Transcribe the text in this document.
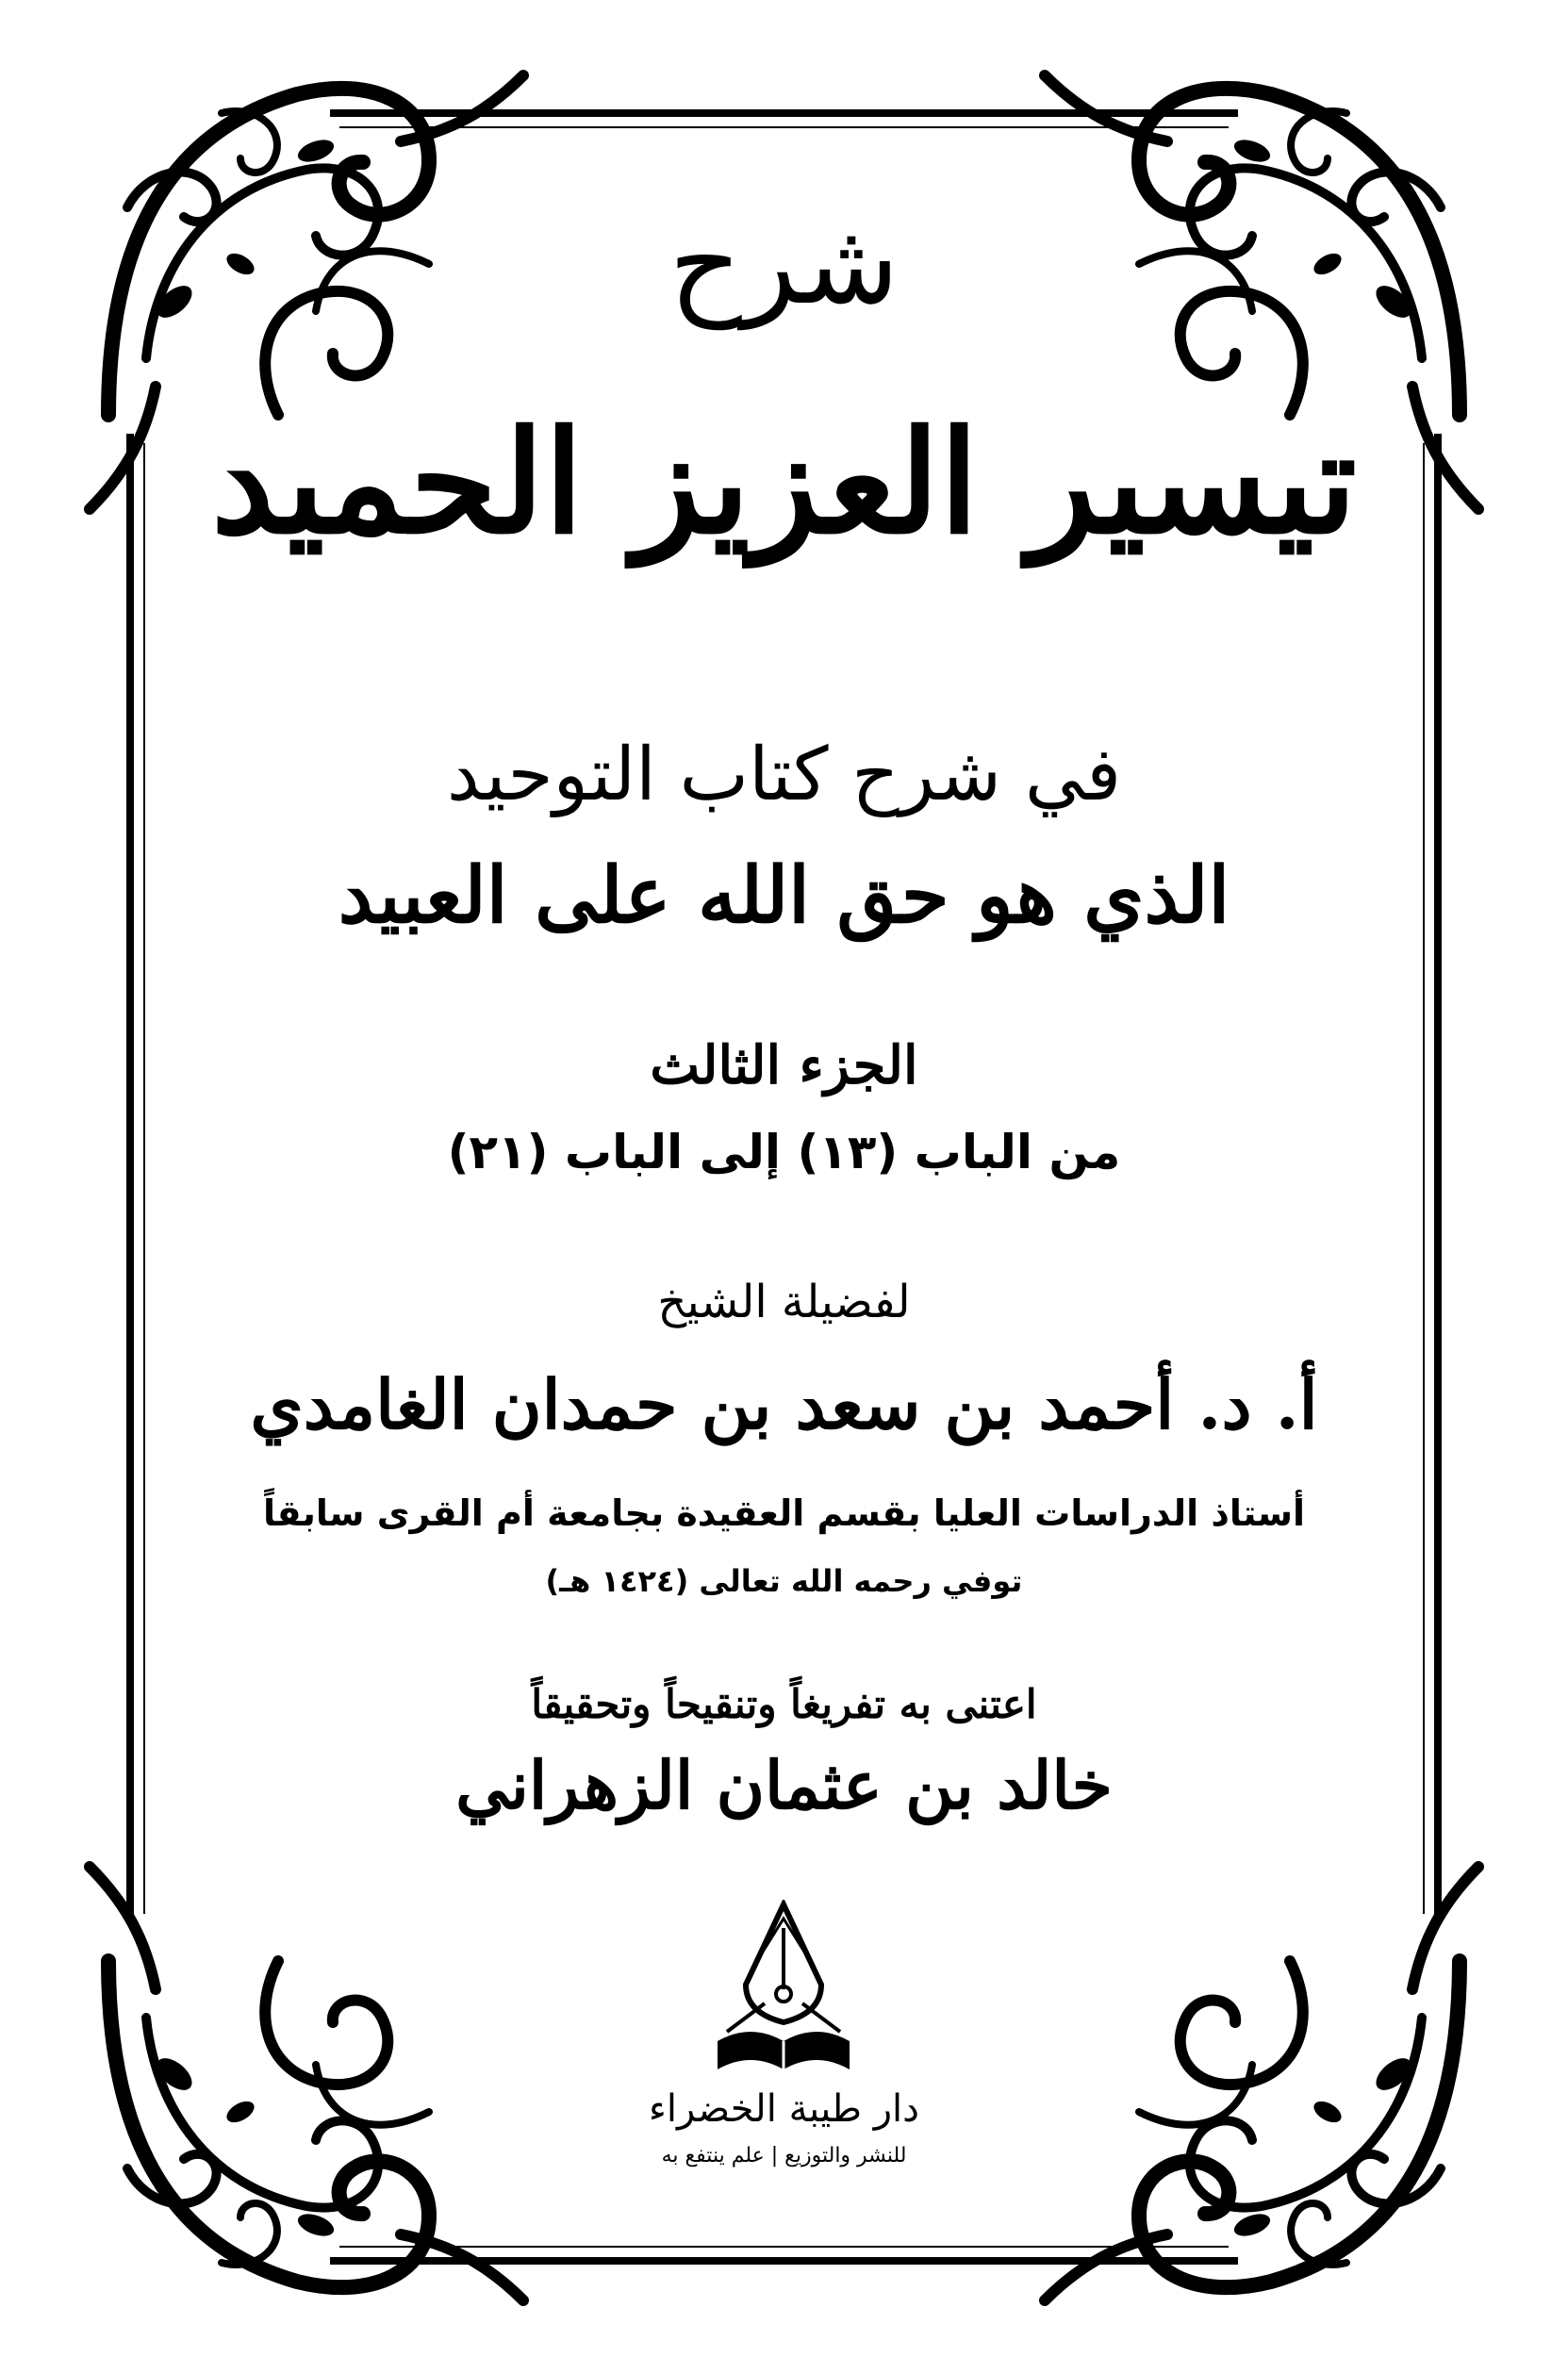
شرح
تيسير العزيز الحميد
في شرح كتاب التوحيد
الذي هو حق الله على العبيد
الجزء الثالث
من الباب (١٣) إلى الباب (٢١)
لفضيلة الشيخ
أ. د. أحمد بن سعد بن حمدان الغامدي
أستاذ الدراسات العليا بقسم العقيدة بجامعة أم القرى سابقاً
توفي رحمه الله تعالى (١٤٢٤ هـ)
اعتنى به تفريغاً وتنقيحاً وتحقيقاً
خالد بن عثمان الزهراني
دار طيبة الخضراء
للنشر والتوزيع | علم ينتفع به
